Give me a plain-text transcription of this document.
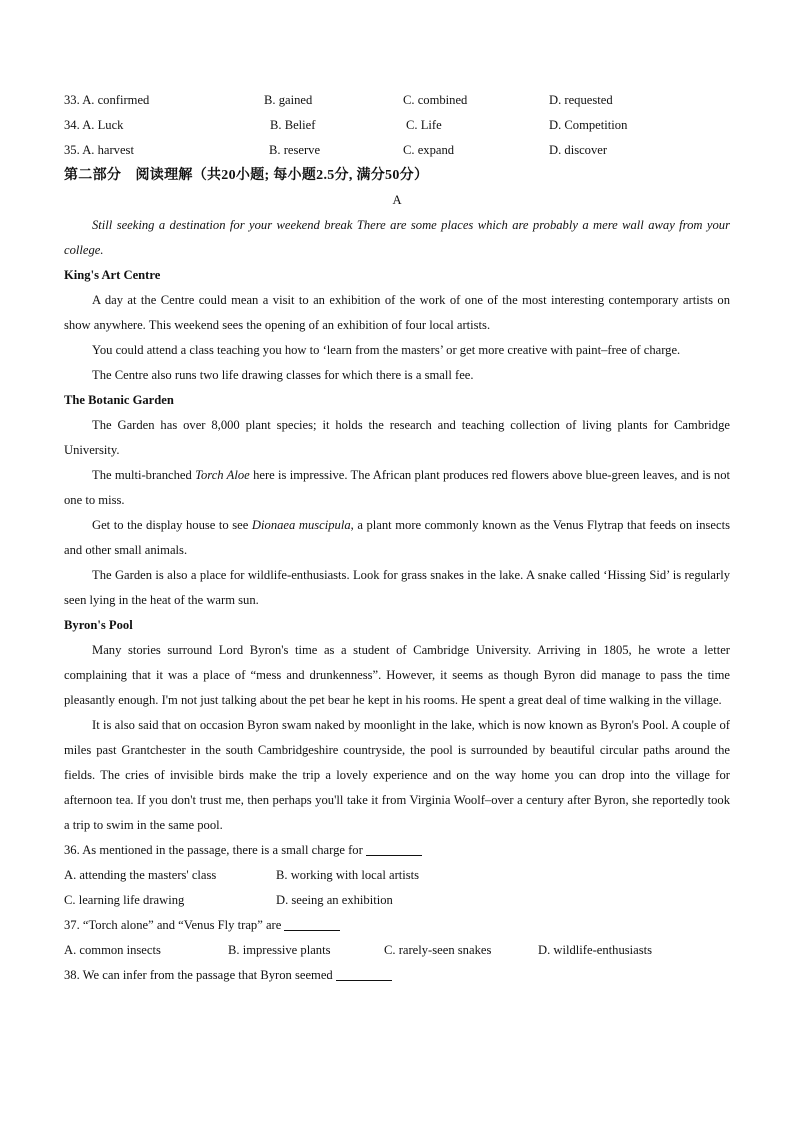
33. A. confirmed	B. gained	C. combined	D. requested
34. A. Luck	B. Belief	C. Life	D. Competition
35. A. harvest	B. reserve	C. expand	D. discover
第二部分　阅读理解（共20小题; 每小题2.5分, 满分50分）
A

Still seeking a destination for your weekend break There are some places which are probably a mere wall away from your college.

King's Art Centre

A day at the Centre could mean a visit to an exhibition of the work of one of the most interesting contemporary artists on show anywhere. This weekend sees the opening of an exhibition of four local artists.

You could attend a class teaching you how to ‘learn from the masters’ or get more creative with paint–free of charge.

The Centre also runs two life drawing classes for which there is a small fee.

The Botanic Garden

The Garden has over 8,000 plant species; it holds the research and teaching collection of living plants for Cambridge University.

The multi-branched Torch Aloe here is impressive. The African plant produces red flowers above blue-green leaves, and is not one to miss.

Get to the display house to see Dionaea muscipula, a plant more commonly known as the Venus Flytrap that feeds on insects and other small animals.

The Garden is also a place for wildlife-enthusiasts. Look for grass snakes in the lake. A snake called ‘Hissing Sid’ is regularly seen lying in the heat of the warm sun.

Byron's Pool

Many stories surround Lord Byron's time as a student of Cambridge University. Arriving in 1805, he wrote a letter complaining that it was a place of “mess and drunkenness”. However, it seems as though Byron did manage to pass the time pleasantly enough. I'm not just talking about the pet bear he kept in his rooms. He spent a great deal of time walking in the village.

It is also said that on occasion Byron swam naked by moonlight in the lake, which is now known as Byron's Pool. A couple of miles past Grantchester in the south Cambridgeshire countryside, the pool is surrounded by beautiful circular paths around the fields. The cries of invisible birds make the trip a lovely experience and on the way home you can drop into the village for afternoon tea. If you don't trust me, then perhaps you'll take it from Virginia Woolf–over a century after Byron, she reportedly took a trip to swim in the same pool.

36. As mentioned in the passage, there is a small charge for

A. attending the masters' class	B. working with local artists
C. learning life drawing	D. seeing an exhibition

37. “Torch alone” and “Venus Fly trap” are

A. common insects	B. impressive plants	C. rarely-seen snakes	D. wildlife-enthusiasts

38. We can infer from the passage that Byron seemed
